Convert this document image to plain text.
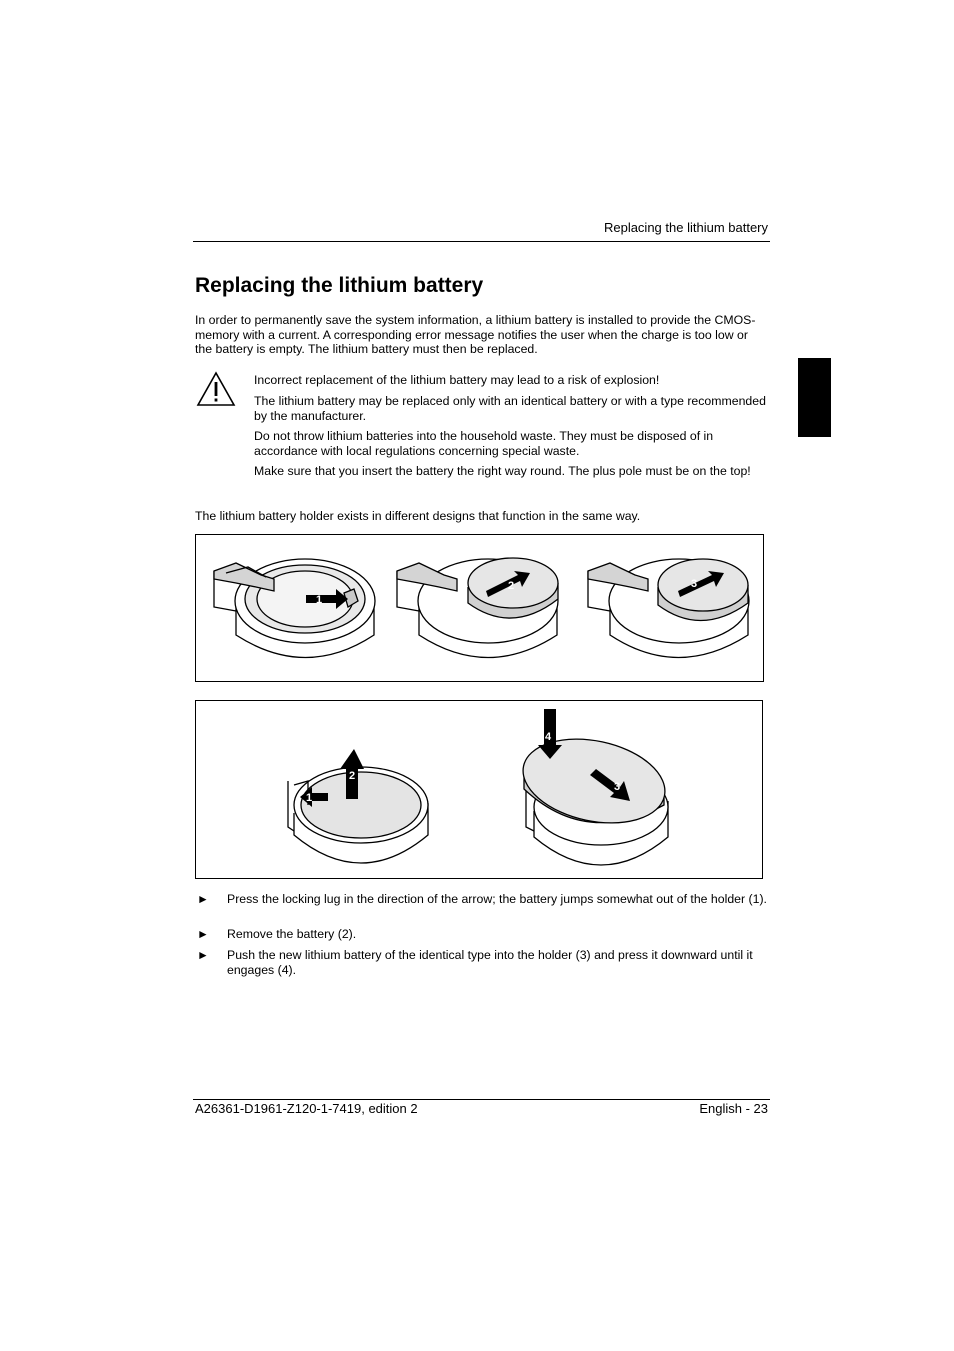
Replacing the lithium battery
Replacing the lithium battery

In order to permanently save the system information, a lithium battery is installed to provide the CMOS-memory with a current. A corresponding error message notifies the user when the charge is too low or the battery is empty. The lithium battery must then be replaced.

Incorrect replacement of the lithium battery may lead to a risk of explosion!

The lithium battery may be replaced only with an identical battery or with a type recommended by the manufacturer.

Do not throw lithium batteries into the household waste. They must be disposed of in accordance with local regulations concerning special waste.

Make sure that you insert the battery the right way round. The plus pole must be on the top!

The lithium battery holder exists in different designs that function in the same way.

1
2	3
1
2
4
3
► Press the locking lug in the direction of the arrow; the battery jumps somewhat out of the holder (1).

► Remove the battery (2).

► Push the new lithium battery of the identical type into the holder (3) and press it downward until it engages (4).

A26361-D1961-Z120-1-7419, edition 2	English - 23
